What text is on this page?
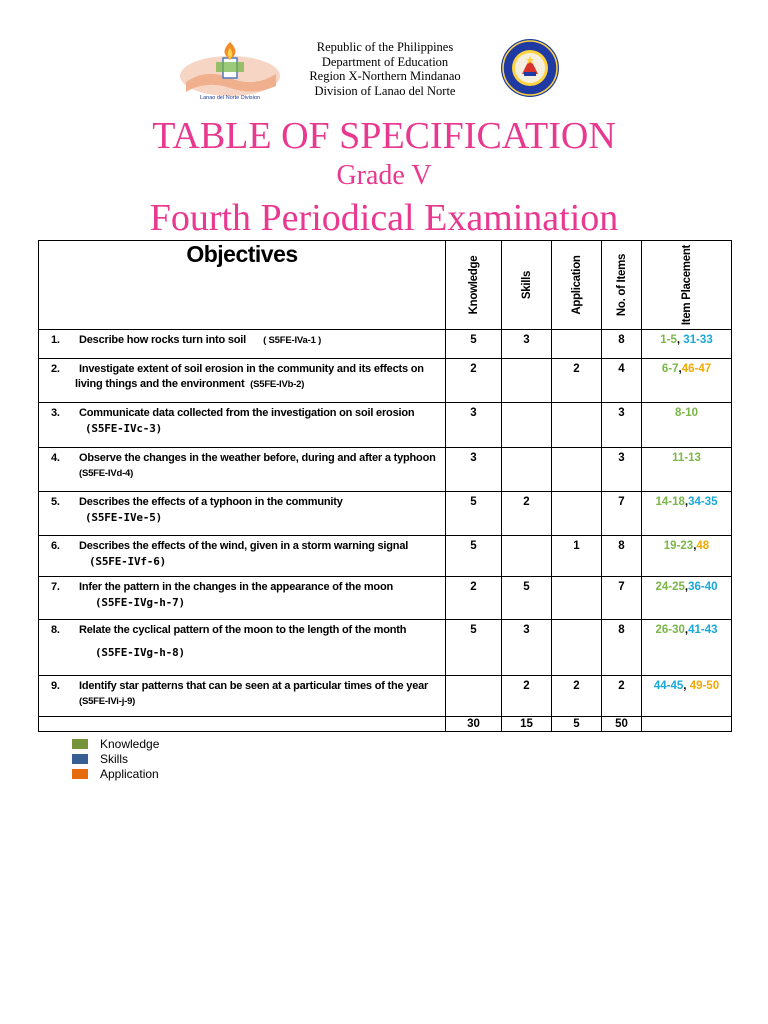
Lanao del Norte Division
Republic of the Philippines
Department of Education
Region X-Northern Mindanao
Division of Lanao del Norte
TABLE OF SPECIFICATION
Grade V
Fourth Periodical Examination
Objectives	Knowledge	Skills	Application	No. of Items	Item Placement

1. Describe how rocks turn into soil ( S5FE-IVa-1 )	5	3		8	1-5, 31-33
2. Investigate extent of soil erosion in the community and its effects on
living things and the environment (S5FE-IVb-2)	2		2	4	6-7,46-47
3. Communicate data collected from the investigation on soil erosion
(S5FE-IVc-3)	3			3	8-10
4. Observe the changes in the weather before, during and after a typhoon
(S5FE-IVd-4)	3			3	11-13
5. Describes the effects of a typhoon in the community
(S5FE-IVe-5)	5	2		7	14-18,34-35
6. Describes the effects of the wind, given in a storm warning signal
(S5FE-IVf-6)	5		1	8	19-23,48
7. Infer the pattern in the changes in the appearance of the moon
(S5FE-IVg-h-7)	2	5		7	24-25,36-40
8. Relate the cyclical pattern of the moon to the length of the month
(S5FE-IVg-h-8)	5	3		8	26-30,41-43
9. Identify star patterns that can be seen at a particular times of the year
(S5FE-IVi-j-9)		2	2	2	44-45, 49-50
	30	15	5	50	
Knowledge
Skills
Application
